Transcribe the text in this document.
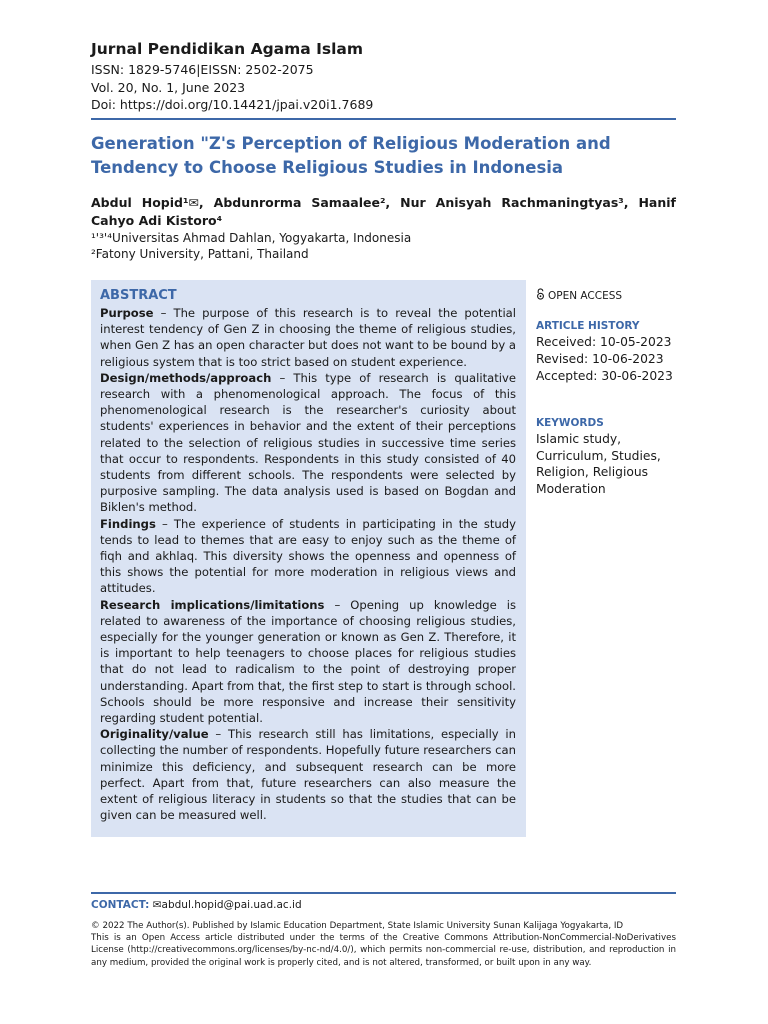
Jurnal Pendidikan Agama Islam
ISSN: 1829-5746|EISSN: 2502-2075
Vol. 20, No. 1, June 2023
Doi: https://doi.org/10.14421/jpai.v20i1.7689
Generation "Z's Perception of Religious Moderation and Tendency to Choose Religious Studies in Indonesia
Abdul Hopid¹✉, Abdunrorma Samaalee², Nur Anisyah Rachmaningtyas³, Hanif Cahyo Adi Kistoro⁴
¹'³'⁴Universitas Ahmad Dahlan, Yogyakarta, Indonesia
²Fatony University, Pattani, Thailand
ABSTRACT

Purpose – The purpose of this research is to reveal the potential interest tendency of Gen Z in choosing the theme of religious studies, when Gen Z has an open character but does not want to be bound by a religious system that is too strict based on student experience.

Design/methods/approach – This type of research is qualitative research with a phenomenological approach. The focus of this phenomenological research is the researcher's curiosity about students' experiences in behavior and the extent of their perceptions related to the selection of religious studies in successive time series that occur to respondents. Respondents in this study consisted of 40 students from different schools. The respondents were selected by purposive sampling. The data analysis used is based on Bogdan and Biklen's method.

Findings – The experience of students in participating in the study tends to lead to themes that are easy to enjoy such as the theme of fiqh and akhlaq. This diversity shows the openness and openness of this shows the potential for more moderation in religious views and attitudes.

Research implications/limitations – Opening up knowledge is related to awareness of the importance of choosing religious studies, especially for the younger generation or known as Gen Z. Therefore, it is important to help teenagers to choose places for religious studies that do not lead to radicalism to the point of destroying proper understanding. Apart from that, the first step to start is through school. Schools should be more responsive and increase their sensitivity regarding student potential.

Originality/value – This research still has limitations, especially in collecting the number of respondents. Hopefully future researchers can minimize this deficiency, and subsequent research can be more perfect. Apart from that, future researchers can also measure the extent of religious literacy in students so that the studies that can be given can be measured well.

OPEN ACCESS
ARTICLE HISTORY
Received: 10-05-2023
Revised: 10-06-2023
Accepted: 30-06-2023
KEYWORDS
Islamic study, Curriculum, Studies, Religion, Religious Moderation
CONTACT: ✉abdul.hopid@pai.uad.ac.id

© 2022 The Author(s). Published by Islamic Education Department, State Islamic University Sunan Kalijaga Yogyakarta, ID

This is an Open Access article distributed under the terms of the Creative Commons Attribution-NonCommercial-NoDerivatives License (http://creativecommons.org/licenses/by-nc-nd/4.0/), which permits non-commercial re-use, distribution, and reproduction in any medium, provided the original work is properly cited, and is not altered, transformed, or built upon in any way.
